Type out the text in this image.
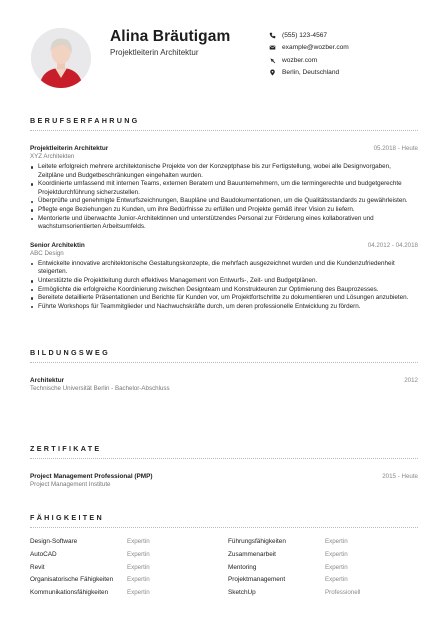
Alina Bräutigam
Projektleiterin Architektur
(555) 123-4567
example@wozber.com
wozber.com
Berlin, Deutschland
BERUFSERFAHRUNG
Projektleiterin Architektur	05.2018 - Heute
XYZ Architekten
Leitete erfolgreich mehrere architektonische Projekte von der Konzeptphase bis zur Fertigstellung, wobei alle Designvorgaben, Zeitpläne und Budgetbeschränkungen eingehalten wurden.
Koordinierte umfassend mit internen Teams, externen Beratern und Bauunternehmern, um die termingerechte und budgetgerechte Projektdurchführung sicherzustellen.
Überprüfte und genehmigte Entwurfszeichnungen, Baupläne und Baudokumentationen, um die Qualitätsstandards zu gewährleisten.
Pflegte enge Beziehungen zu Kunden, um ihre Bedürfnisse zu erfüllen und Projekte gemäß ihrer Vision zu liefern.
Mentorierte und überwachte Junior-Architektinnen und unterstützendes Personal zur Förderung eines kollaborativen und wachstumsorientierten Arbeitsumfelds.
Senior Architektin	04.2012 - 04.2018
ABC Design
Entwickelte innovative architektonische Gestaltungskonzepte, die mehrfach ausgezeichnet wurden und die Kundenzufriedenheit steigerten.
Unterstützte die Projektleitung durch effektives Management von Entwurfs-, Zeit- und Budgetplänen.
Ermöglichte die erfolgreiche Koordinierung zwischen Designteam und Konstrukteuren zur Optimierung des Bauprozesses.
Bereitete detaillierte Präsentationen und Berichte für Kunden vor, um Projektfortschritte zu dokumentieren und Lösungen anzubieten.
Führte Workshops für Teammitglieder und Nachwuchskräfte durch, um deren professionelle Entwicklung zu fördern.
BILDUNGSWEG
Architektur	2012
Technische Universität Berlin - Bachelor-Abschluss
ZERTIFIKATE
Project Management Professional (PMP)	2015 - Heute
Project Management Institute
FÄHIGKEITEN
Design-Software	Expertin	Führungsfähigkeiten	Expertin
AutoCAD	Expertin	Zusammenarbeit	Expertin
Revit	Expertin	Mentoring	Expertin
Organisatorische Fähigkeiten	Expertin	Projektmanagement	Expertin
Kommunikationsfähigkeiten	Expertin	SketchUp	Professionell
